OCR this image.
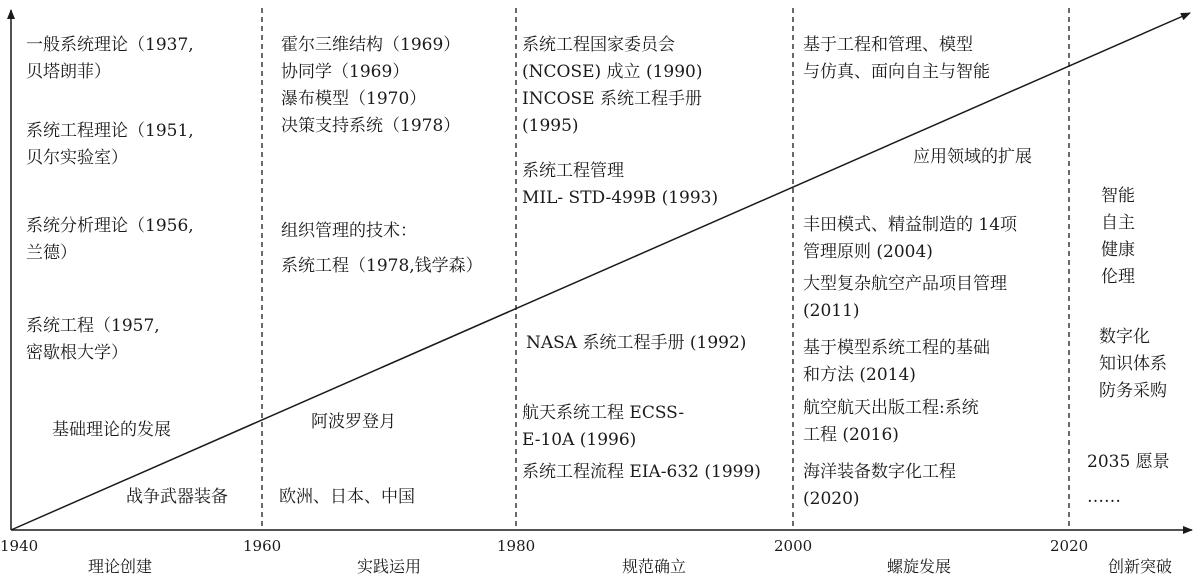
1940	1960	1980	2000	2020
理论创建	实践运用	规范确立	螺旋发展	创新突破
一般系统理论（1937,
贝塔朗菲）
系统工程理论（1951,
贝尔实验室）
系统分析理论（1956,
兰德）
系统工程（1957,
密歇根大学）
基础理论的发展
战争武器装备
霍尔三维结构（1969）
协同学（1969）
瀑布模型（1970）
决策支持系统（1978）
组织管理的技术：
系统工程（1978,钱学森）
阿波罗登月
欧洲、日本、中国
系统工程国家委员会
(NCOSE) 成立 (1990)
INCOSE 系统工程手册
(1995)
系统工程管理
MIL- STD-499B (1993)
NASA 系统工程手册 (1992)
航天系统工程 ECSS-
E-10A (1996)
系统工程流程 EIA-632 (1999)
基于工程和管理、模型
与仿真、面向自主与智能
应用领域的扩展
丰田模式、精益制造的 14项
管理原则 (2004)
大型复杂航空产品项目管理
(2011)
基于模型系统工程的基础
和方法 (2014)
航空航天出版工程:系统
工程 (2016)
海洋装备数字化工程
(2020)
智能
自主
健康
伦理
数字化
知识体系
防务采购
2035 愿景
……
